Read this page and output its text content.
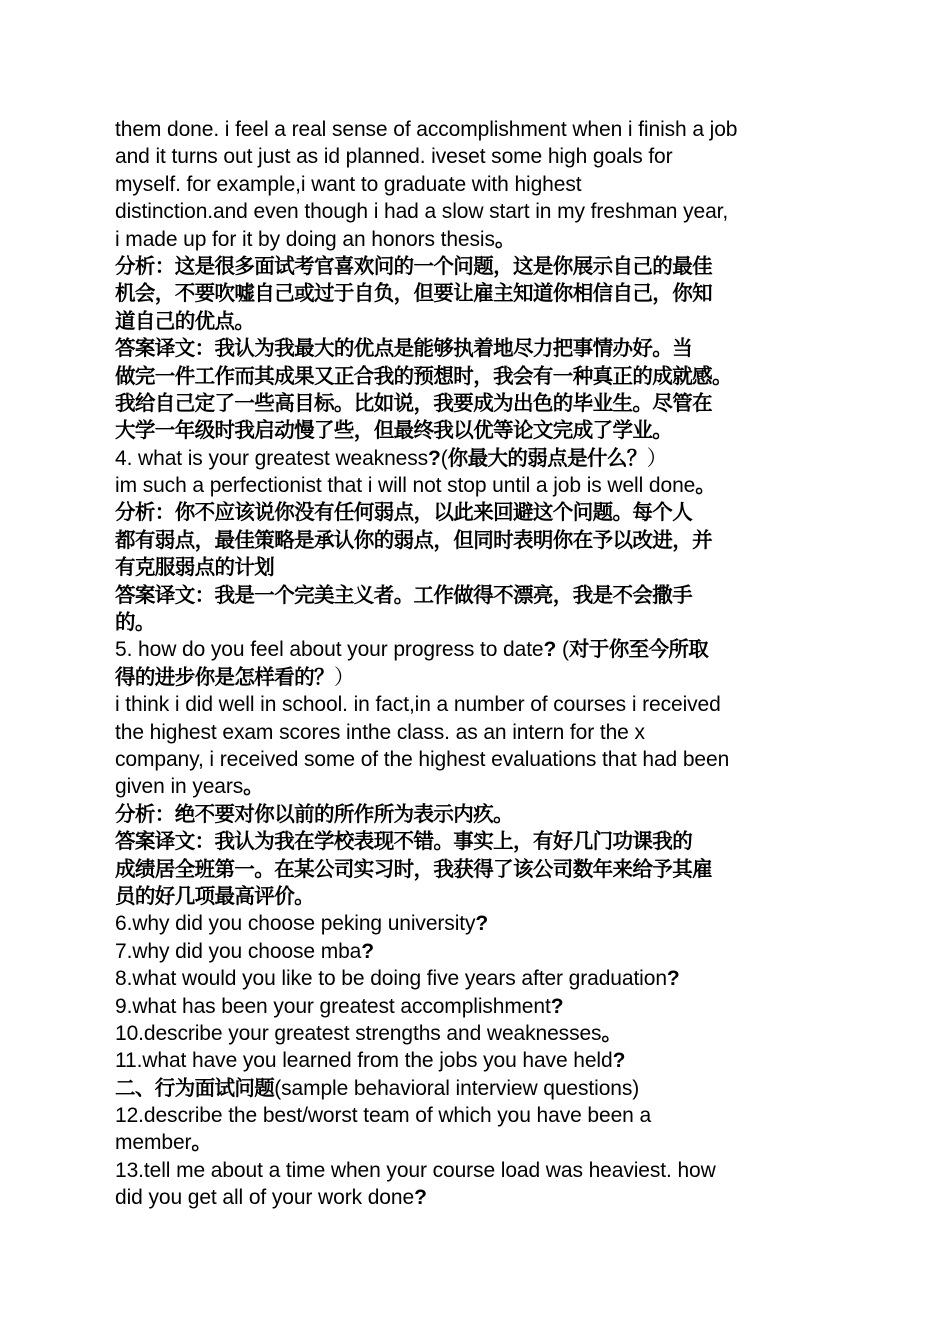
them done. i feel a real sense of accomplishment when i finish a job
and it turns out just as id planned. iveset some high goals for
myself. for example,i want to graduate with highest
distinction.and even though i had a slow start in my freshman year,
i made up for it by doing an honors thesis。
分析：这是很多面试考官喜欢问的一个问题，这是你展示自己的最佳
机会，不要吹嘘自己或过于自负，但要让雇主知道你相信自己，你知
道自己的优点。
答案译文：我认为我最大的优点是能够执着地尽力把事情办好。当
做完一件工作而其成果又正合我的预想时，我会有一种真正的成就感。
我给自己定了一些高目标。比如说，我要成为出色的毕业生。尽管在
大学一年级时我启动慢了些，但最终我以优等论文完成了学业。
4. what is your greatest weakness?(你最大的弱点是什么？）
im such a perfectionist that i will not stop until a job is well done。
分析：你不应该说你没有任何弱点，以此来回避这个问题。每个人
都有弱点，最佳策略是承认你的弱点，但同时表明你在予以改进，并
有克服弱点的计划
答案译文：我是一个完美主义者。工作做得不漂亮，我是不会撒手
的。
5. how do you feel about your progress to date? (对于你至今所取
得的进步你是怎样看的？）
i think i did well in school. in fact,in a number of courses i received
the highest exam scores inthe class. as an intern for the x
company, i received some of the highest evaluations that had been
given in years。
分析：绝不要对你以前的所作所为表示内疚。
答案译文：我认为我在学校表现不错。事实上，有好几门功课我的
成绩居全班第一。在某公司实习时，我获得了该公司数年来给予其雇
员的好几项最高评价。
6.why did you choose peking university?
7.why did you choose mba?
8.what would you like to be doing five years after graduation?
9.what has been your greatest accomplishment?
10.describe your greatest strengths and weaknesses。
11.what have you learned from the jobs you have held?
二、行为面试问题(sample behavioral interview questions)
12.describe the best/worst team of which you have been a
member。
13.tell me about a time when your course load was heaviest. how
did you get all of your work done?
